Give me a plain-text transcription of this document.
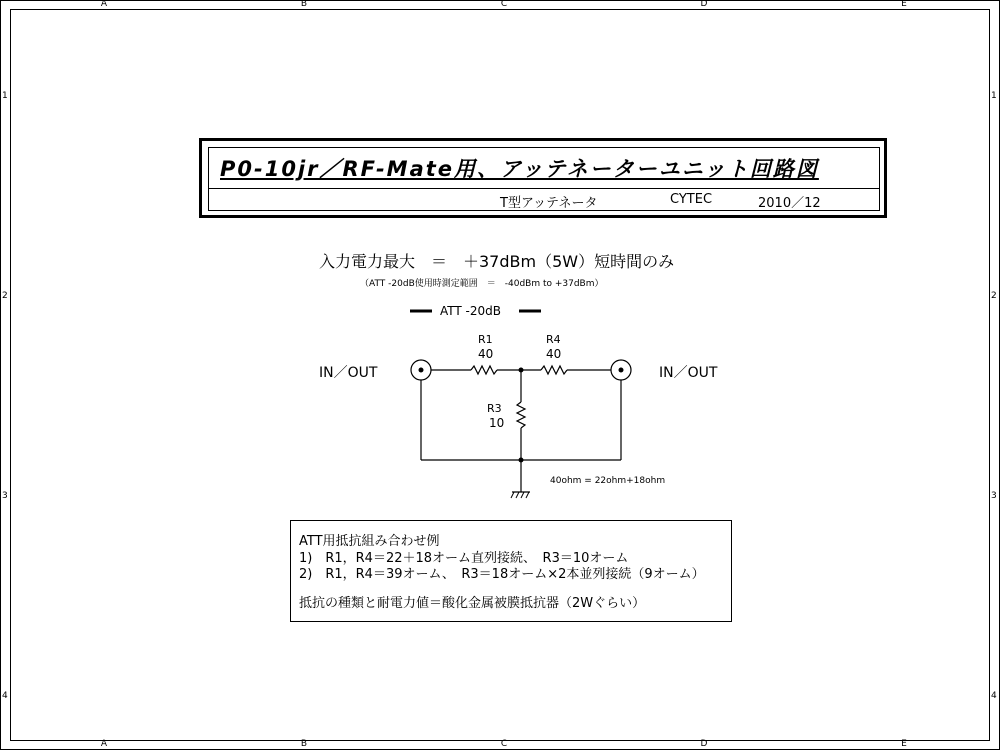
A	B	C	D	E
A	B	C	D	E
1
2
3
4
1
2
3
4
P0-10jr／RF-Mate用、アッテネーターユニット回路図
T型アッテネータ	CYTEC	2010／12
入力電力最大　＝　＋37dBm（5W）短時間のみ
（ATT -20dB使用時測定範囲　＝　-40dBm to +37dBm）
ATT -20dB
IN／OUT	IN／OUT
R1
40
R4
40
R3
10
40ohm = 22ohm+18ohm
ATT用抵抗組み合わせ例
1)　R1，R4＝22＋18オーム直列接続、　R3＝10オーム
2)　R1，R4＝39オーム、　R3＝18オーム×2本並列接続（9オーム）
抵抗の種類と耐電力値＝酸化金属被膜抵抗器（2Wぐらい）
